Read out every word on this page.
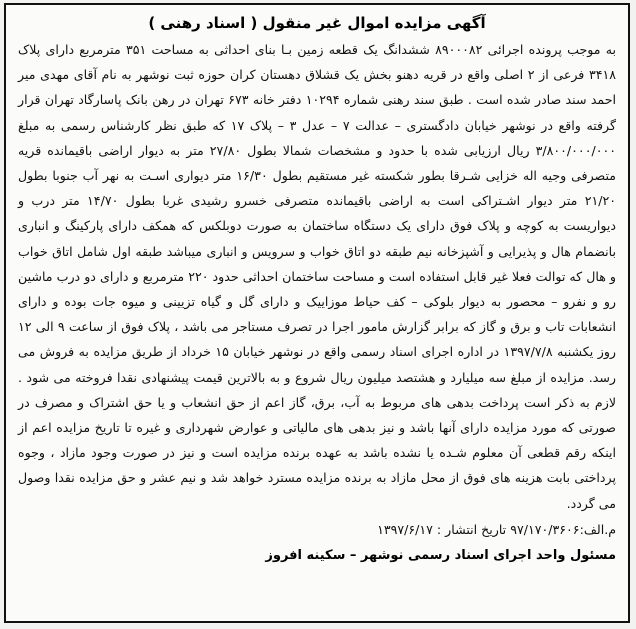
آگهی مزایده اموال غیر منقول ( اسناد رهنی )

به موجب پرونده اجرائی ۸۹۰۰۰۸۲ ششدانگ یک قطعه زمین بـا بنای احداثی به مساحت ۳۵۱ مترمربع دارای پلاک ۳۴۱۸ فرعی از ۲ اصلی واقع در قریه دهنو بخش یک قشلاق دهستان کران حوزه ثبت نوشهر به نام آقای مهدی میر احمد سند صادر شده است . طبق سند رهنی شماره ۱۰۲۹۴ دفتر خانه ۶۷۳ تهران در رهن بانک پاسارگاد تهران قرار گرفته واقع در نوشهر خیابان دادگستری – عدالت ۷ – عدل ۳ – پلاک ۱۷ که طبق نظر کارشناس رسمی به مبلغ ۳/۸۰۰/۰۰۰/۰۰۰ ریال ارزیابی شده با حدود و مشخصات شمالا بطول ۲۷/۸۰ متر به دیوار اراضی باقیمانده قریه متصرفی وجیه اله خزایی شـرقا بطور شکسته غیر مستقیم بطول ۱۶/۳۰ متر دیواری اسـت به نهر آب جنوبا بطول ۲۱/۲۰ متر دیوار اشـتراکی است به اراضی باقیمانده متصرفی خسرو رشیدی غربا بطول ۱۴/۷۰ متر درب و دیواریست به کوچه و پلاک فوق دارای یک دستگاه ساختمان به صورت دوبلکس که همکف دارای پارکینگ و انباری بانضمام هال و پذیرایی و آشپزخانه نیم طبقه دو اتاق خواب و سرویس و انباری میباشد طبقه اول شامل اتاق خواب و هال که توالت فعلا غیر قابل استفاده است و مساحت ساختمان احداثی حدود ۲۲۰ مترمربع و دارای دو درب ماشین رو و نفرو – محصور به دیوار بلوکی – کف حیاط موزاییک و دارای گل و گیاه تزیینی و میوه جات بوده و دارای انشعابات تاب و برق و گاز که برابر گزارش مامور اجرا در تصرف مستاجر می باشد ، پلاک فوق از ساعت ۹ الی ۱۲ روز یکشنبه ۱۳۹۷/۷/۸ در اداره اجرای اسناد رسمی واقع در نوشهر خیابان ۱۵ خرداد از طریق مزایده به فروش می رسد. مزایده از مبلغ سه میلیارد و هشتصد میلیون ریال شروع و به بالاترین قیمت پیشنهادی نقدا فروخته می شود . لازم به ذکر است پرداخت بدهی های مربوط به آب، برق، گاز اعم از حق انشعاب و یا حق اشتراک و مصرف در صورتی که مورد مزایده دارای آنها باشد و نیز بدهی های مالیاتی و عوارض شهرداری و غیره تا تاریخ مزایده اعم از اینکه رقم قطعی آن معلوم شـده یا نشده باشد به عهده برنده مزایده است و نیز در صورت وجود مازاد ، وجوه پرداختی بابت هزینه های فوق از محل مازاد به برنده مزایده مسترد خواهد شد و نیم عشر و حق مزایده نقدا وصول می گردد.

م.الف:۹۷/۱۷۰/۳۶۰۶ تاریخ انتشار : ۱۳۹۷/۶/۱۷
مسئول واحد اجرای اسناد رسمی نوشهر – سکینه افروز
